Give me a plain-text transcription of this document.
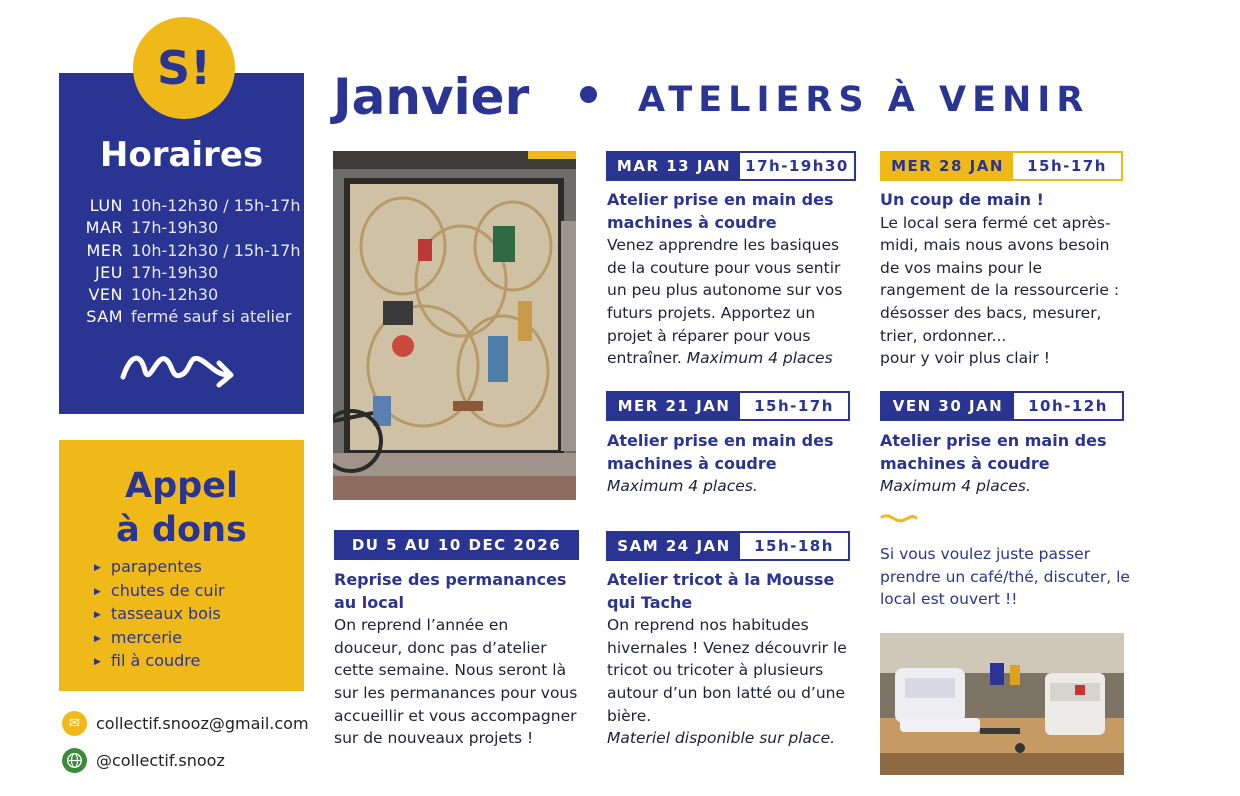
S!
Horaires
LUN 10h-12h30 / 15h-17h
MAR 17h-19h30
MER 10h-12h30 / 15h-17h
JEU 17h-19h30
VEN 10h-12h30
SAM fermé sauf si atelier
Appel
à dons
▶ parapentes
▶ chutes de cuir
▶ tasseaux bois
▶ mercerie
▶ fil à coudre
✉	collectif.snooz@gmail.com
@collectif.snooz
Janvier	ATELIERS À VENIR
DU 5 AU 10 DEC 2026
Reprise des permanances au local
On reprend l’année en douceur, donc pas d’atelier cette semaine. Nous seront là sur les permanances pour vous accueillir et vous accompagner sur de nouveaux projets !
MAR 13 JAN 17h-19h30
Atelier prise en main des machines à coudre
Venez apprendre les basiques de la couture pour vous sentir un peu plus autonome sur vos futurs projets. Apportez un projet à réparer pour vous entraîner. Maximum 4 places
MER 21 JAN	15h-17h
Atelier prise en main des machines à coudre
Maximum 4 places.
SAM 24 JAN	15h-18h
Atelier tricot à la Mousse qui Tache
On reprend nos habitudes hivernales ! Venez découvrir le tricot ou tricoter à plusieurs autour d’un bon latté ou d’une bière.
Materiel disponible sur place.
MER 28 JAN	15h-17h
Un coup de main !
Le local sera fermé cet après-midi, mais nous avons besoin de vos mains pour le rangement de la ressourcerie : désosser des bacs, mesurer, trier, ordonner...
pour y voir plus clair !
VEN 30 JAN	10h-12h
Atelier prise en main des machines à coudre
Maximum 4 places.
Si vous voulez juste passer prendre un café/thé, discuter, le local est ouvert !!
